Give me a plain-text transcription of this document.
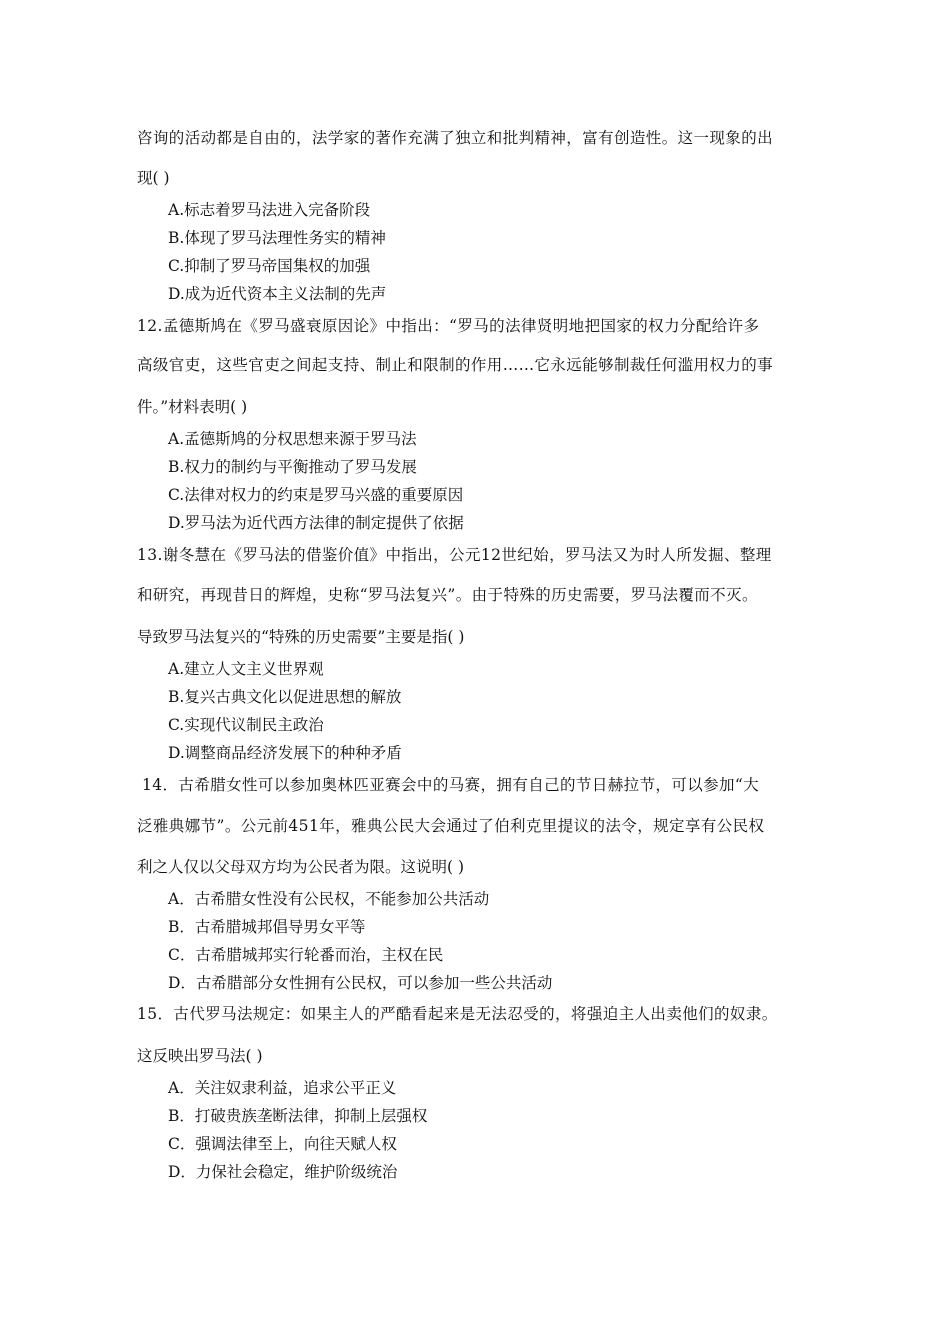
咨询的活动都是自由的，法学家的著作充满了独立和批判精神，富有创造性。这一现象的出
现( )
A.标志着罗马法进入完备阶段
B.体现了罗马法理性务实的精神
C.抑制了罗马帝国集权的加强
D.成为近代资本主义法制的先声
12.孟德斯鸠在《罗马盛衰原因论》中指出：“罗马的法律贤明地把国家的权力分配给许多
高级官吏，这些官吏之间起支持、制止和限制的作用……它永远能够制裁任何滥用权力的事
件。”材料表明( )
A.孟德斯鸠的分权思想来源于罗马法
B.权力的制约与平衡推动了罗马发展
C.法律对权力的约束是罗马兴盛的重要原因
D.罗马法为近代西方法律的制定提供了依据
13.谢冬慧在《罗马法的借鉴价值》中指出，公元12世纪始，罗马法又为时人所发掘、整理
和研究，再现昔日的辉煌，史称“罗马法复兴”。由于特殊的历史需要，罗马法覆而不灭。
导致罗马法复兴的“特殊的历史需要”主要是指( )
A.建立人文主义世界观
B.复兴古典文化以促进思想的解放
C.实现代议制民主政治
D.调整商品经济发展下的种种矛盾
14．古希腊女性可以参加奥林匹亚赛会中的马赛，拥有自己的节日赫拉节，可以参加“大
泛雅典娜节”。公元前451年，雅典公民大会通过了伯利克里提议的法令，规定享有公民权
利之人仅以父母双方均为公民者为限。这说明( )
A．古希腊女性没有公民权，不能参加公共活动
B．古希腊城邦倡导男女平等
C．古希腊城邦实行轮番而治，主权在民
D．古希腊部分女性拥有公民权，可以参加一些公共活动
15．古代罗马法规定：如果主人的严酷看起来是无法忍受的，将强迫主人出卖他们的奴隶。
这反映出罗马法( )
A．关注奴隶利益，追求公平正义
B．打破贵族垄断法律，抑制上层强权
C．强调法律至上，向往天赋人权
D．力保社会稳定，维护阶级统治
